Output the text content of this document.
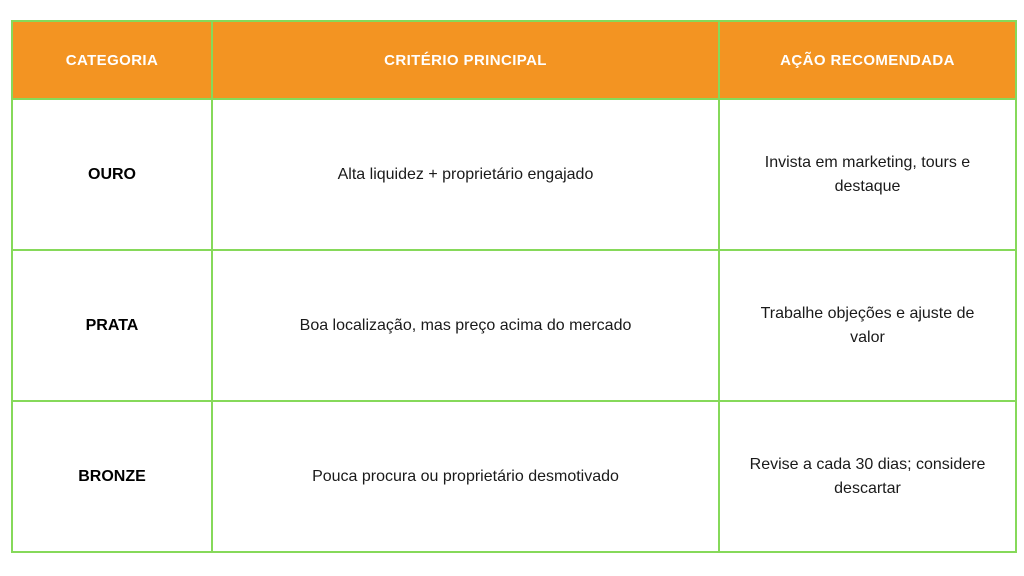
CATEGORIA	CRITÉRIO PRINCIPAL	AÇÃO RECOMENDADA
OURO	Alta liquidez + proprietário engajado	Invista em marketing, tours e destaque
PRATA	Boa localização, mas preço acima do mercado	Trabalhe objeções e ajuste de valor
BRONZE	Pouca procura ou proprietário desmotivado	Revise a cada 30 dias; considere descartar
